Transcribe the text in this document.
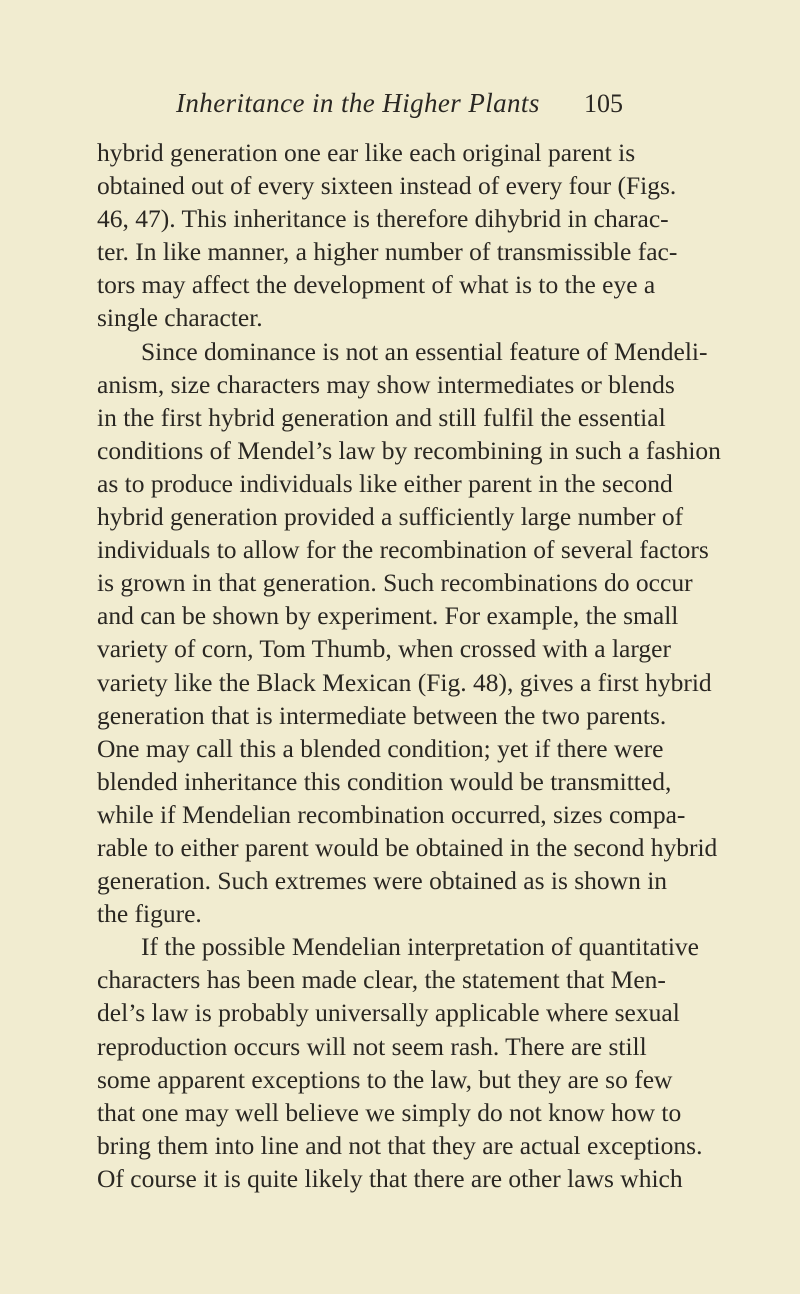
Inheritance in the Higher Plants 105
hybrid generation one ear like each original parent is
obtained out of every sixteen instead of every four (Figs.
46, 47). This inheritance is therefore dihybrid in charac-
ter. In like manner, a higher number of transmissible fac-
tors may affect the development of what is to the eye a
single character.
Since dominance is not an essential feature of Mendeli-
anism, size characters may show intermediates or blends
in the first hybrid generation and still fulfil the essential
conditions of Mendel’s law by recombining in such a fashion
as to produce individuals like either parent in the second
hybrid generation provided a sufficiently large number of
individuals to allow for the recombination of several factors
is grown in that generation. Such recombinations do occur
and can be shown by experiment. For example, the small
variety of corn, Tom Thumb, when crossed with a larger
variety like the Black Mexican (Fig. 48), gives a first hybrid
generation that is intermediate between the two parents.
One may call this a blended condition; yet if there were
blended inheritance this condition would be transmitted,
while if Mendelian recombination occurred, sizes compa-
rable to either parent would be obtained in the second hybrid
generation. Such extremes were obtained as is shown in
the figure.
If the possible Mendelian interpretation of quantitative
characters has been made clear, the statement that Men-
del’s law is probably universally applicable where sexual
reproduction occurs will not seem rash. There are still
some apparent exceptions to the law, but they are so few
that one may well believe we simply do not know how to
bring them into line and not that they are actual exceptions.
Of course it is quite likely that there are other laws which
